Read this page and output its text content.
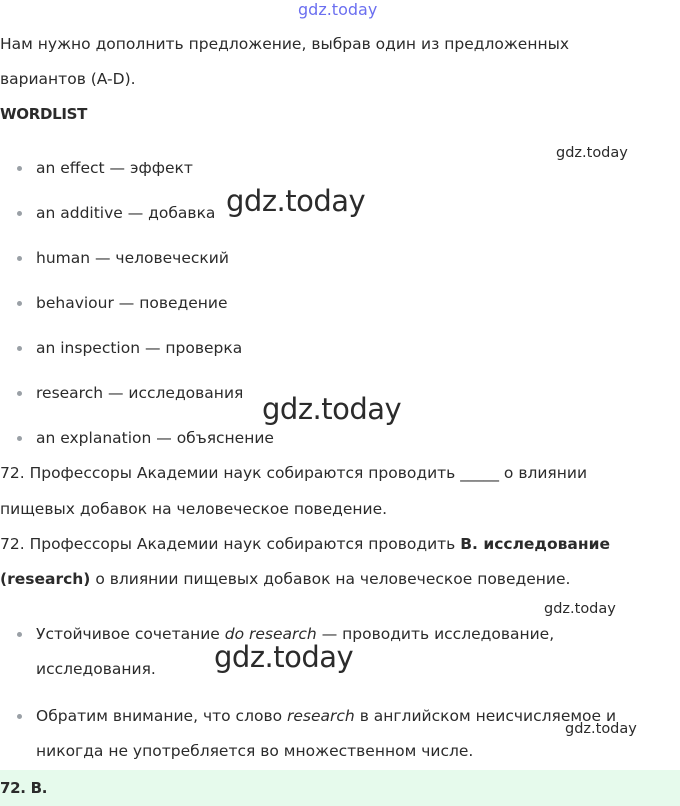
gdz.today
gdz.today
gdz.today
gdz.today
gdz.today
gdz.today
gdz.today

Нам нужно дополнить предложение, выбрав один из предложенных

вариантов (A-D).

WORDLIST

an effect — эффект
an additive — добавка
human — человеческий
behaviour — поведение
an inspection — проверка
research — исследования
an explanation — объяснение

72. Профессоры Академии наук собираются проводить _____ о влиянии

пищевых добавок на человеческое поведение.

72. Профессоры Академии наук собираются проводить B. исследование

(research) о влиянии пищевых добавок на человеческое поведение.

Устойчивое сочетание do research — проводить исследование,
исследования.
Обратим внимание, что слово research в английском неисчисляемое и
никогда не употребляется во множественном числе.
72. B.
